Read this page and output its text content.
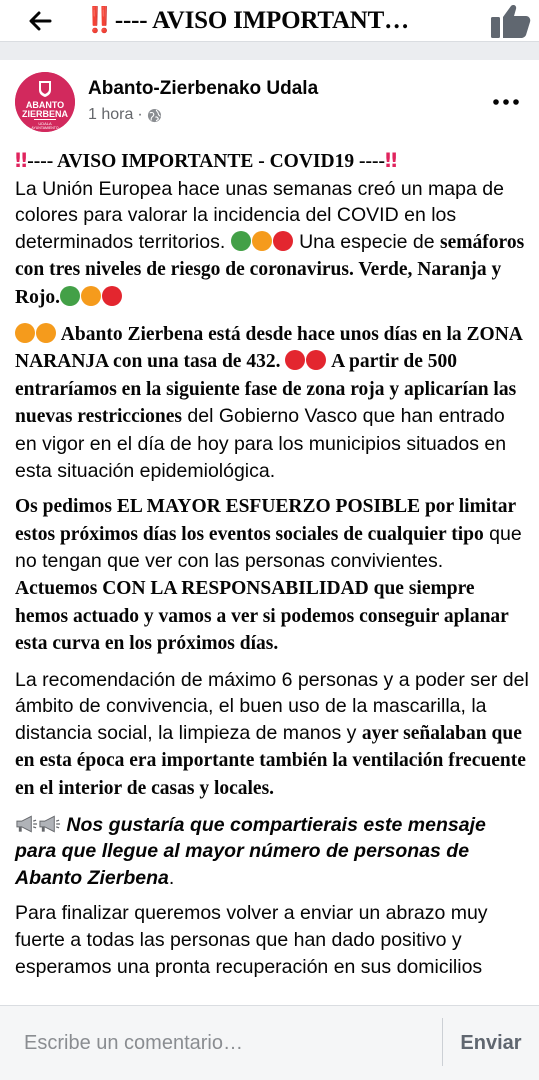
‼️---- AVISO IMPORTANT…
ABANTO
ZIERBENA
UDALA
AYUNTAMIENTO
Abanto-Zierbenako Udala
1 hora ·

‼---- AVISO IMPORTANTE - COVID19 ----‼
La Unión Europea hace unas semanas creó un mapa de colores para valorar la incidencia del COVID en los determinados territorios.	Una especie de semáforos con tres niveles de riesgo de coronavirus. Verde, Naranja y Rojo.

Abanto Zierbena está desde hace unos días en la ZONA NARANJA con una tasa de 432.  A partir de 500 entraríamos en la siguiente fase de zona roja y aplicarían las nuevas restricciones del Gobierno Vasco que han entrado en vigor en el día de hoy para los municipios situados en esta situación epidemiológica.

Os pedimos EL MAYOR ESFUERZO POSIBLE por limitar estos próximos días los eventos sociales de cualquier tipo que no tengan que ver con las personas convivientes. Actuemos CON LA RESPONSABILIDAD que siempre hemos actuado y vamos a ver si podemos conseguir aplanar esta curva en los próximos días.

La recomendación de máximo 6 personas y a poder ser del ámbito de convivencia, el buen uso de la mascarilla, la distancia social, la limpieza de manos y ayer señalaban que en esta época era importante también la ventilación frecuente en el interior de casas y locales.

Nos gustaría que compartierais este mensaje para que llegue al mayor número de personas de Abanto Zierbena.

Para finalizar queremos volver a enviar un abrazo muy fuerte a todas las personas que han dado positivo y esperamos una pronta recuperación en sus domicilios

Escribe un comentario…
Enviar
